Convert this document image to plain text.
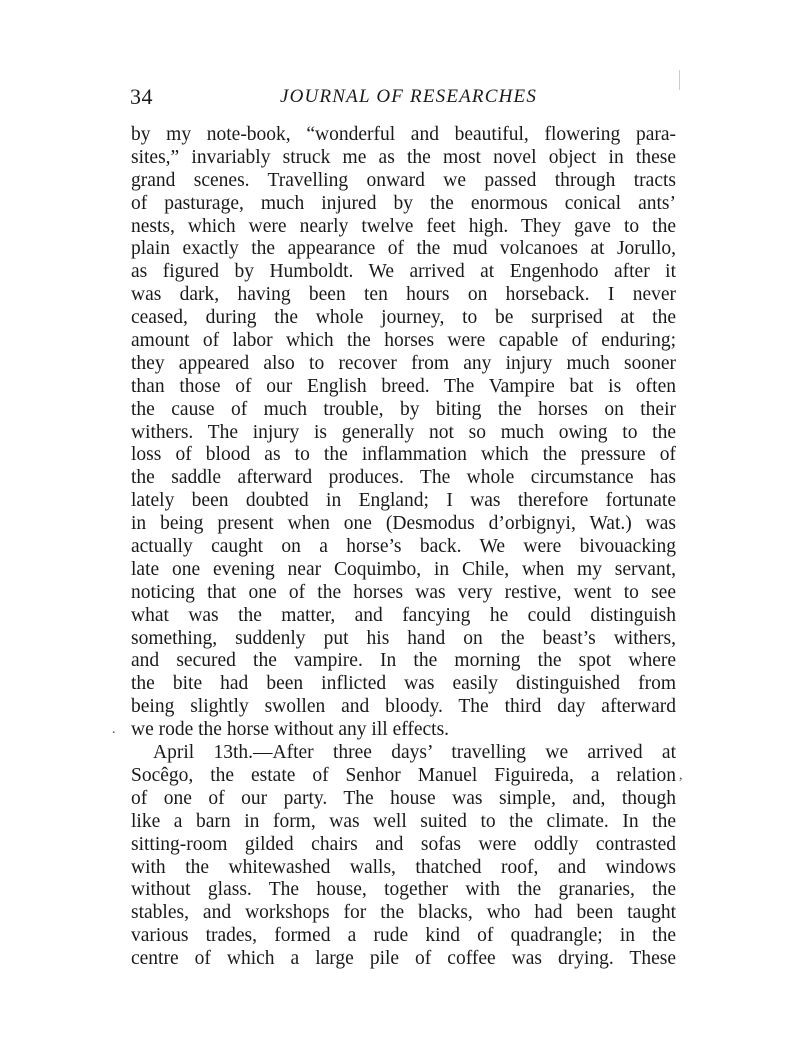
34	JOURNAL OF RESEARCHES
by my note-book, “wonderful and beautiful, flowering para-
sites,” invariably struck me as the most novel object in these
grand scenes. Travelling onward we passed through tracts
of pasturage, much injured by the enormous conical ants’
nests, which were nearly twelve feet high. They gave to the
plain exactly the appearance of the mud volcanoes at Jorullo,
as figured by Humboldt. We arrived at Engenhodo after it
was dark, having been ten hours on horseback. I never
ceased, during the whole journey, to be surprised at the
amount of labor which the horses were capable of enduring;
they appeared also to recover from any injury much sooner
than those of our English breed. The Vampire bat is often
the cause of much trouble, by biting the horses on their
withers. The injury is generally not so much owing to the
loss of blood as to the inflammation which the pressure of
the saddle afterward produces. The whole circumstance has
lately been doubted in England; I was therefore fortunate
in being present when one (Desmodus d’orbignyi, Wat.) was
actually caught on a horse’s back. We were bivouacking
late one evening near Coquimbo, in Chile, when my servant,
noticing that one of the horses was very restive, went to see
what was the matter, and fancying he could distinguish
something, suddenly put his hand on the beast’s withers,
and secured the vampire. In the morning the spot where
the bite had been inflicted was easily distinguished from
being slightly swollen and bloody. The third day afterward
we rode the horse without any ill effects.
April 13th.—After three days’ travelling we arrived at
Socêgo, the estate of Senhor Manuel Figuireda, a relation
of one of our party. The house was simple, and, though
like a barn in form, was well suited to the climate. In the
sitting-room gilded chairs and sofas were oddly contrasted
with the whitewashed walls, thatched roof, and windows
without glass. The house, together with the granaries, the
stables, and workshops for the blacks, who had been taught
various trades, formed a rude kind of quadrangle; in the
centre of which a large pile of coffee was drying. These
.
,
